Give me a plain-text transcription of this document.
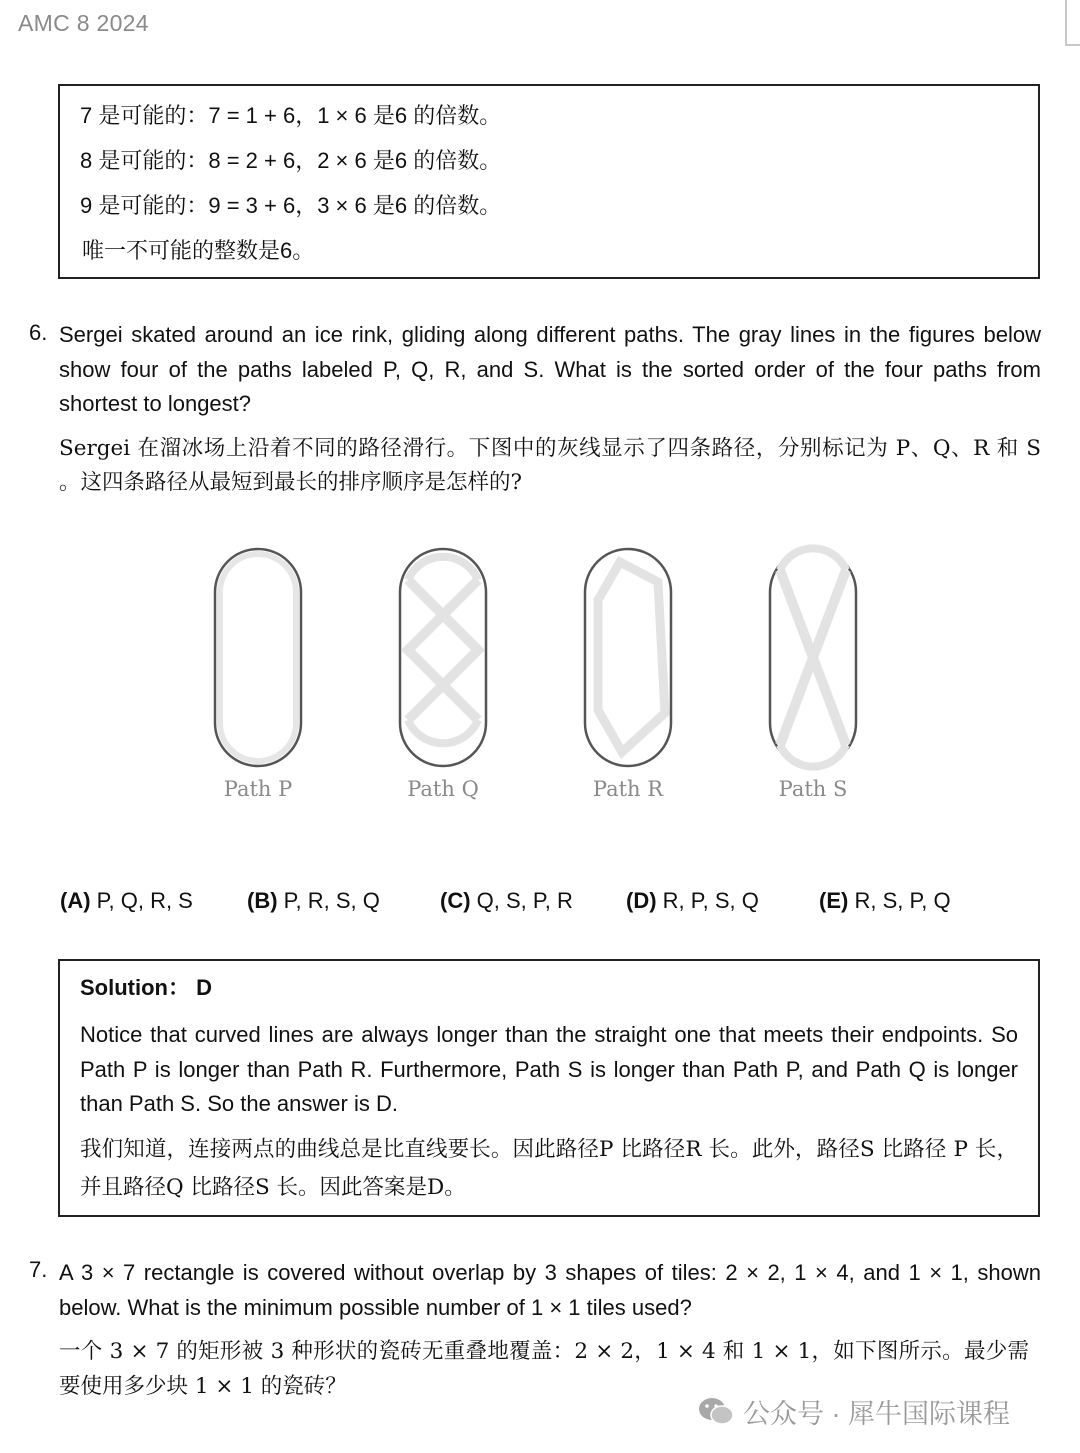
AMC 8 2024
7 是可能的：7 = 1 + 6，1 × 6 是6 的倍数。
8 是可能的：8 = 2 + 6，2 × 6 是6 的倍数。
9 是可能的：9 = 3 + 6，3 × 6 是6 的倍数。
唯一不可能的整数是6。
6. Sergei skated around an ice rink, gliding along different paths. The gray lines in the figures below show four of the paths labeled P, Q, R, and S. What is the sorted order of the four paths from shortest to longest?
Sergei 在溜冰场上沿着不同的路径滑行。下图中的灰线显示了四条路径，分别标记为 P、Q、R 和 S 。这四条路径从最短到最长的排序顺序是怎样的?
Path P	Path Q	Path R	Path S
(A) P, Q, R, S (B) P, R, S, Q	(C) Q, S, P, R (D) R, P, S, Q	(E) R, S, P, Q
Solution： D
Notice that curved lines are always longer than the straight one that meets their endpoints. So Path P is longer than Path R. Furthermore, Path S is longer than Path P, and Path Q is longer than Path S. So the answer is D.
我们知道，连接两点的曲线总是比直线要长。因此路径P 比路径R 长。此外，路径S 比路径 P 长，并且路径Q 比路径S 长。因此答案是D。
7. A 3 × 7 rectangle is covered without overlap by 3 shapes of tiles: 2 × 2, 1 × 4, and 1 × 1, shown below. What is the minimum possible number of 1 × 1 tiles used?
一个 3 × 7 的矩形被 3 种形状的瓷砖无重叠地覆盖：2 × 2，1 × 4 和 1 × 1，如下图所示。最少需要使用多少块 1 × 1 的瓷砖？
公众号 · 犀牛国际课程
